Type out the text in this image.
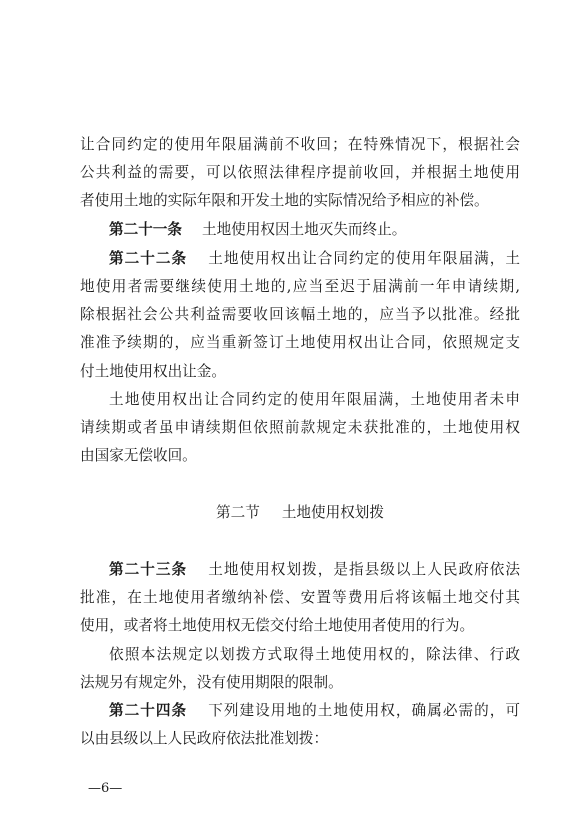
让合同约定的使用年限届满前不收回；在特殊情况下，根据社会
公共利益的需要，可以依照法律程序提前收回，并根据土地使用
者使用土地的实际年限和开发土地的实际情况给予相应的补偿。
第二十一条 土地使用权因土地灭失而终止。
第二十二条 土地使用权出让合同约定的使用年限届满，土
地使用者需要继续使用土地的,应当至迟于届满前一年申请续期,
除根据社会公共利益需要收回该幅土地的，应当予以批准。经批
准准予续期的，应当重新签订土地使用权出让合同，依照规定支
付土地使用权出让金。
土地使用权出让合同约定的使用年限届满，土地使用者未申
请续期或者虽申请续期但依照前款规定未获批准的，土地使用权
由国家无偿收回。
第二节 土地使用权划拨
第二十三条 土地使用权划拨，是指县级以上人民政府依法
批准，在土地使用者缴纳补偿、安置等费用后将该幅土地交付其
使用，或者将土地使用权无偿交付给土地使用者使用的行为。
依照本法规定以划拨方式取得土地使用权的，除法律、行政
法规另有规定外，没有使用期限的限制。
第二十四条 下列建设用地的土地使用权，确属必需的，可
以由县级以上人民政府依法批准划拨：
—6—
